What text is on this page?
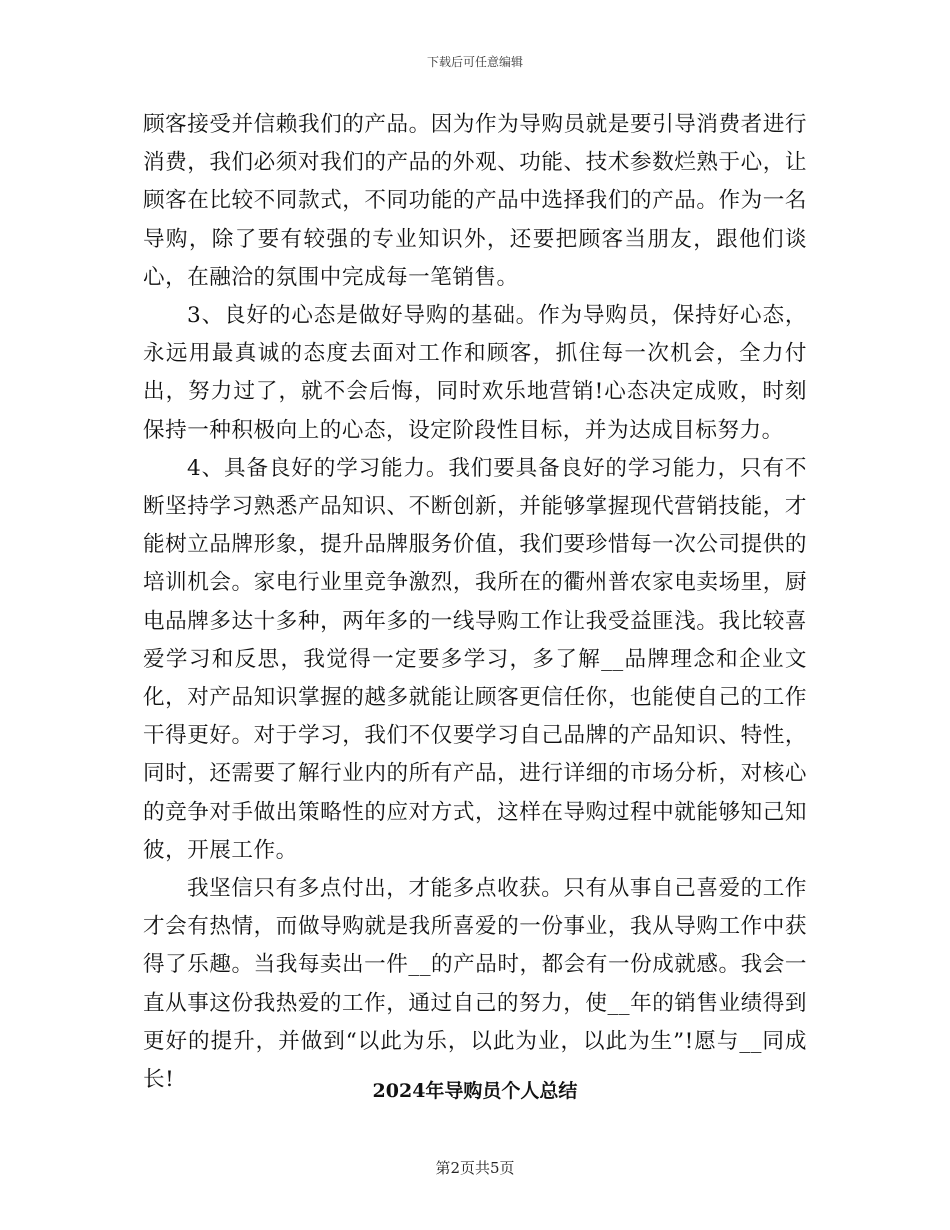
下载后可任意编辑

顾客接受并信赖我们的产品。因为作为导购员就是要引导消费者进行消费，我们必须对我们的产品的外观、功能、技术参数烂熟于心，让顾客在比较不同款式，不同功能的产品中选择我们的产品。作为一名导购，除了要有较强的专业知识外，还要把顾客当朋友，跟他们谈心，在融洽的氛围中完成每一笔销售。

3、良好的心态是做好导购的基础。作为导购员，保持好心态，永远用最真诚的态度去面对工作和顾客，抓住每一次机会，全力付出，努力过了，就不会后悔，同时欢乐地营销!心态决定成败，时刻保持一种积极向上的心态，设定阶段性目标，并为达成目标努力。

4、具备良好的学习能力。我们要具备良好的学习能力，只有不断坚持学习熟悉产品知识、不断创新，并能够掌握现代营销技能，才能树立品牌形象，提升品牌服务价值，我们要珍惜每一次公司提供的培训机会。家电行业里竞争激烈，我所在的衢州普农家电卖场里，厨电品牌多达十多种，两年多的一线导购工作让我受益匪浅。我比较喜爱学习和反思，我觉得一定要多学习，多了解__品牌理念和企业文化，对产品知识掌握的越多就能让顾客更信任你，也能使自己的工作干得更好。对于学习，我们不仅要学习自己品牌的产品知识、特性，同时，还需要了解行业内的所有产品，进行详细的市场分析，对核心的竞争对手做出策略性的应对方式，这样在导购过程中就能够知己知彼，开展工作。

我坚信只有多点付出，才能多点收获。只有从事自己喜爱的工作才会有热情，而做导购就是我所喜爱的一份事业，我从导购工作中获得了乐趣。当我每卖出一件__的产品时，都会有一份成就感。我会一直从事这份我热爱的工作，通过自己的努力，使__年的销售业绩得到更好的提升，并做到“以此为乐，以此为业，以此为生”!愿与__同成长!	2024年导购员个人总结
第2页共5页
